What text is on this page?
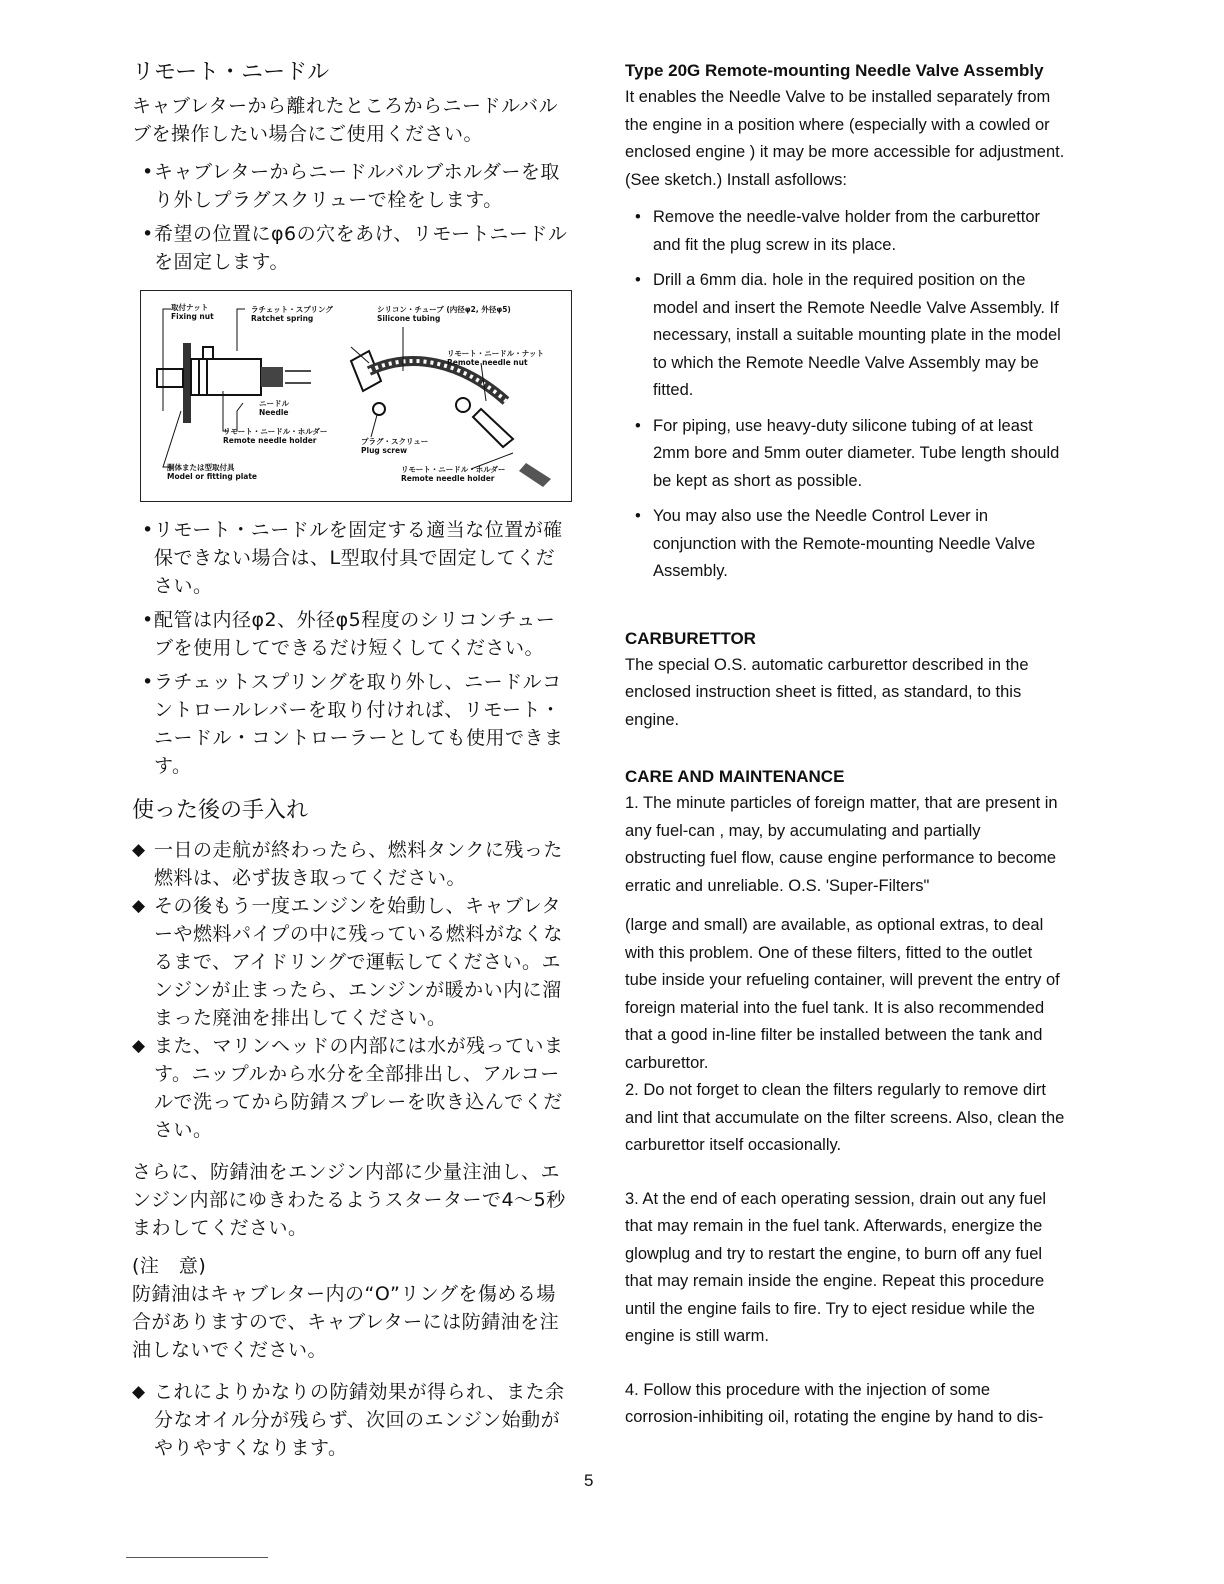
リモート・ニードル
キャブレターから離れたところからニードルバルブを操作したい場合にご使用ください。
• キャブレターからニードルバルブホルダーを取り外しプラグスクリューで栓をします。
• 希望の位置にφ6の穴をあけ、リモートニードルを固定します。
取付ナット
Fixing nut
ラチェット・スプリング
Ratchet spring
シリコン・チューブ (内径φ2, 外径φ5)
Silicone tubing
リモート・ニードル・ナット
Remote needle nut
ニードル
Needle
リモート・ニードル・ホルダー
Remote needle holder	プラグ・スクリュー
Plug screw
胴体または型取付具
Model or fitting plate
リモート・ニードル・ホルダー
Remote needle holder
• リモート・ニードルを固定する適当な位置が確保できない場合は、L型取付具で固定してください。
• 配管は内径φ2、外径φ5程度のシリコンチューブを使用してできるだけ短くしてください。
• ラチェットスプリングを取り外し、ニードルコントロールレバーを取り付ければ、リモート・ニードル・コントローラーとしても使用できます。
使った後の手入れ
◆ 一日の走航が終わったら、燃料タンクに残った燃料は、必ず抜き取ってください。
◆ その後もう一度エンジンを始動し、キャブレターや燃料パイプの中に残っている燃料がなくなるまで、アイドリングで運転してください。エンジンが止まったら、エンジンが暖かい内に溜まった廃油を排出してください。
◆ また、マリンヘッドの内部には水が残っています。ニップルから水分を全部排出し、アルコールで洗ってから防錆スプレーを吹き込んでください。
さらに、防錆油をエンジン内部に少量注油し、エンジン内部にゆきわたるようスターターで4〜5秒まわしてください。
(注　意)
防錆油はキャブレター内の“O”リングを傷める場合がありますので、キャブレターには防錆油を注油しないでください。
◆ これによりかなりの防錆効果が得られ、また余分なオイル分が残らず、次回のエンジン始動がやりやすくなります。

Type 20G Remote-mounting Needle Valve Assembly

It enables the Needle Valve to be installed separately from the engine in a position where (especially with a cowled or enclosed engine ) it may be more accessible for adjustment.(See sketch.) Install asfollows:

• Remove the needle-valve holder from the carburettor and fit the plug screw in its place.

• Drill a 6mm dia. hole in the required position on the model and insert the Remote Needle Valve Assembly. If necessary, install a suitable mounting plate in the model to which the Remote Needle Valve Assembly may be fitted.

• For piping, use heavy-duty silicone tubing of at least 2mm bore and 5mm outer diameter. Tube length should be kept as short as possible.

• You may also use the Needle Control Lever in conjunction with the Remote-mounting Needle Valve Assembly.

CARBURETTOR

The special O.S. automatic carburettor described in the enclosed instruction sheet is fitted, as standard, to this engine.

CARE AND MAINTENANCE

1. The minute particles of foreign matter, that are present in any fuel-can , may, by accumulating and partially obstructing fuel flow, cause engine performance to become erratic and unreliable. O.S. 'Super-Filters"

(large and small) are available, as optional extras, to deal with this problem. One of these filters, fitted to the outlet tube inside your refueling container, will prevent the entry of foreign material into the fuel tank. It is also recommended that a good in-line filter be installed between the tank and carburettor.

2. Do not forget to clean the filters regularly to remove dirt and lint that accumulate on the filter screens. Also, clean the carburettor itself occasionally.

3. At the end of each operating session, drain out any fuel that may remain in the fuel tank. Afterwards, energize the glowplug and try to restart the engine, to burn off any fuel that may remain inside the engine. Repeat this procedure until the engine fails to fire. Try to eject residue while the engine is still warm.

4. Follow this procedure with the injection of some corrosion-inhibiting oil, rotating the engine by hand to dis-

5
